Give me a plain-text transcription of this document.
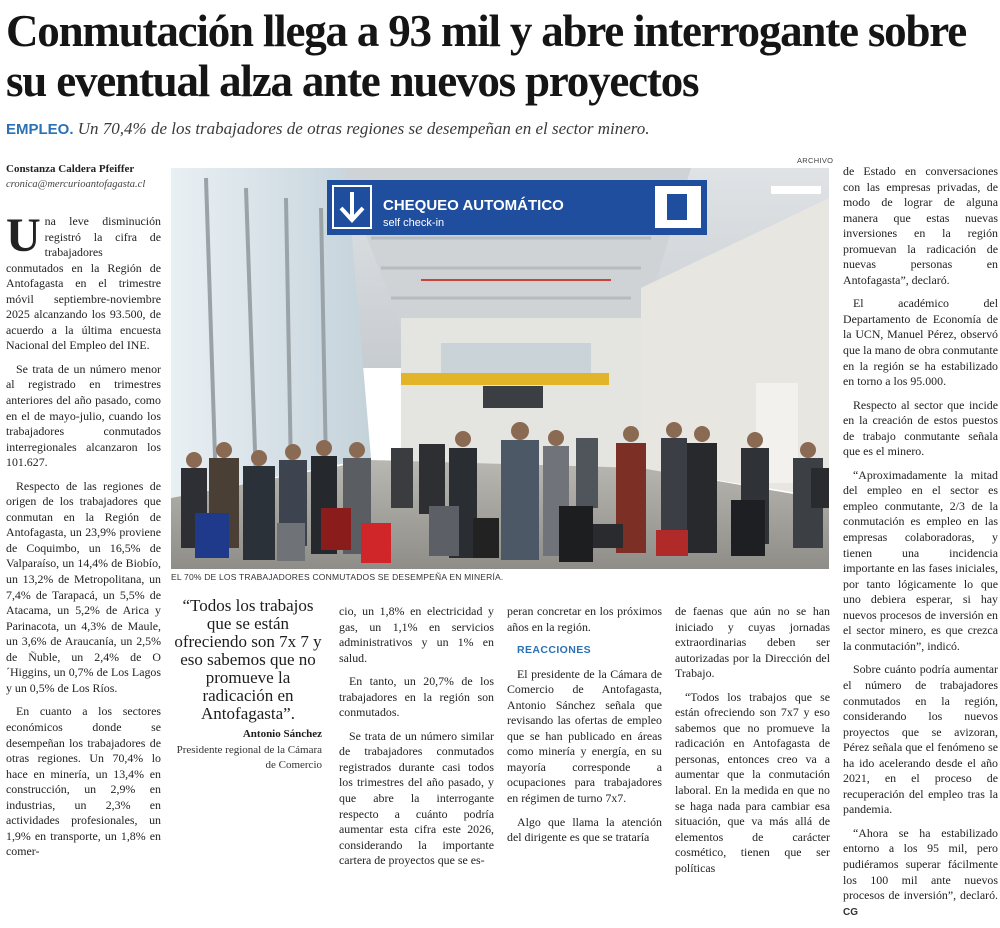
Conmutación llega a 93 mil y abre interrogante sobre su eventual alza ante nuevos proyectos
EMPLEO. Un 70,4% de los trabajadores de otras regiones se desempeñan en el sector minero.
Constanza Caldera Pfeiffer
cronica@mercurioantofagasta.cl

Una leve disminución registró la cifra de trabajadores conmutados en la Región de Antofagasta en el trimestre móvil septiembre-noviembre 2025 alcanzando los 93.500, de acuerdo a la última encuesta Nacional del Empleo del INE.

Se trata de un número menor al registrado en trimestres anteriores del año pasado, como en el de mayo-julio, cuando los trabajadores conmutados interregionales alcanzaron los 101.627.

Respecto de las regiones de origen de los trabajadores que conmutan en la Región de Antofagasta, un 23,9% proviene de Coquimbo, un 16,5% de Valparaíso, un 14,4% de Biobío, un 13,2% de Metropolitana, un 7,4% de Tarapacá, un 5,5% de Atacama, un 5,2% de Arica y Parinacota, un 4,3% de Maule, un 3,6% de Araucanía, un 2,5% de Ñuble, un 2,4% de O´Higgins, un 0,7% de Los Lagos y un 0,5% de Los Ríos.

En cuanto a los sectores económicos donde se desempeñan los trabajadores de otras regiones. Un 70,4% lo hace en minería, un 13,4% en construcción, un 2,9% en industrias, un 2,3% en actividades profesionales, un 1,9% en transporte, un 1,8% en comer-

ARCHIVO
CHEQUEO AUTOMÁTICO
self check-in
EL 70% DE LOS TRABAJADORES CONMUTADOS SE DESEMPEÑA EN MINERÍA.
“Todos los trabajos que se están ofreciendo son 7x 7 y eso sabemos que no promueve la radicación en Antofagasta”.
Antonio Sánchez
Presidente regional de la Cámara de Comercio

cio, un 1,8% en electricidad y gas, un 1,1% en servicios administrativos y un 1% en salud.

En tanto, un 20,7% de los trabajadores en la región son conmutados.

Se trata de un número similar de trabajadores conmutados registrados durante casi todos los trimestres del año pasado, y que abre la interrogante respecto a cuánto podría aumentar esta cifra este 2026, considerando la importante cartera de proyectos que se es-

peran concretar en los próximos años en la región.

REACCIONES

El presidente de la Cámara de Comercio de Antofagasta, Antonio Sánchez señala que revisando las ofertas de empleo que se han publicado en áreas como minería y energía, en su mayoría corresponde a ocupaciones para trabajadores en régimen de turno 7x7.

Algo que llama la atención del dirigente es que se trataría

de faenas que aún no se han iniciado y cuyas jornadas extraordinarias deben ser autorizadas por la Dirección del Trabajo.

“Todos los trabajos que se están ofreciendo son 7x7 y eso sabemos que no promueve la radicación en Antofagasta de personas, entonces creo va a aumentar que la conmutación laboral. En la medida en que no se haga nada para cambiar esa situación, que va más allá de elementos de carácter cosmético, tienen que ser políticas

de Estado en conversaciones con las empresas privadas, de modo de lograr de alguna manera que estas nuevas inversiones en la región promuevan la radicación de nuevas personas en Antofagasta”, declaró.

El académico del Departamento de Economía de la UCN, Manuel Pérez, observó que la mano de obra conmutante en la región se ha estabilizado en torno a los 95.000.

Respecto al sector que incide en la creación de estos puestos de trabajo conmutante señala que es el minero.

“Aproximadamente la mitad del empleo en el sector es empleo conmutante, 2/3 de la conmutación es empleo en las empresas colaboradoras, y tienen una incidencia importante en las fases iniciales, por tanto lógicamente lo que uno debiera esperar, si hay nuevos procesos de inversión en el sector minero, es que crezca la conmutación”, indicó.

Sobre cuánto podría aumentar el número de trabajadores conmutados en la región, considerando los nuevos proyectos que se avizoran, Pérez señala que el fenómeno se ha ido acelerando desde el año 2021, en el proceso de recuperación del empleo tras la pandemia.

“Ahora se ha estabilizado entorno a los 95 mil, pero pudiéramos superar fácilmente los 100 mil ante nuevos procesos de inversión”, declaró. CG
